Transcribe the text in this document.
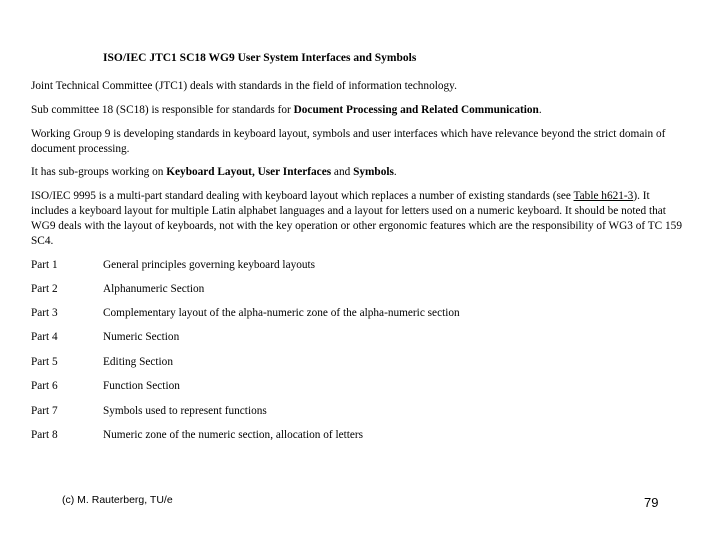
ISO/IEC JTC1 SC18 WG9 User System Interfaces and Symbols
Joint Technical Committee (JTC1) deals with standards in the field of information technology.
Sub committee 18 (SC18) is responsible for standards for Document Processing and Related Communication.
Working Group 9 is developing standards in keyboard layout, symbols and user interfaces which have relevance beyond the strict domain of document processing.
It has sub-groups working on Keyboard Layout, User Interfaces and Symbols.
ISO/IEC 9995 is a multi-part standard dealing with keyboard layout which replaces a number of existing standards (see Table h621-3). It includes a keyboard layout for multiple Latin alphabet languages and a layout for letters used on a numeric keyboard. It should be noted that WG9 deals with the layout of keyboards, not with the key operation or other ergonomic features which are the responsibility of WG3 of TC 159 SC4.
Part 1	General principles governing keyboard layouts
Part 2	Alphanumeric Section
Part 3	Complementary layout of the alpha-numeric zone of the alpha-numeric section
Part 4	Numeric Section
Part 5	Editing Section
Part 6	Function Section
Part 7	Symbols used to represent functions
Part 8	Numeric zone of the numeric section, allocation of letters
(c) M. Rauterberg, TU/e	79
